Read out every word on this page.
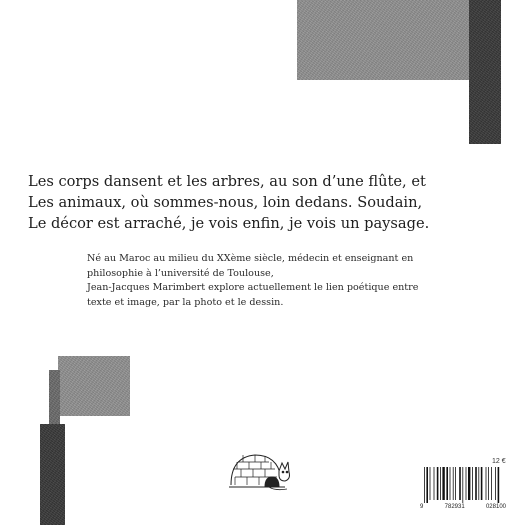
Les corps dansent et les arbres, au son d’une flûte, et
Les animaux, où sommes-nous, loin dedans. Soudain,
Le décor est arraché, je vois enfin, je vois un paysage.
Né au Maroc au milieu du XXème siècle, médecin et enseignant en
philosophie à l’université de Toulouse,
Jean-Jacques Marimbert explore actuellement le lien poétique entre
texte et image, par la photo et le dessin.
12 €
9	782931	028100
